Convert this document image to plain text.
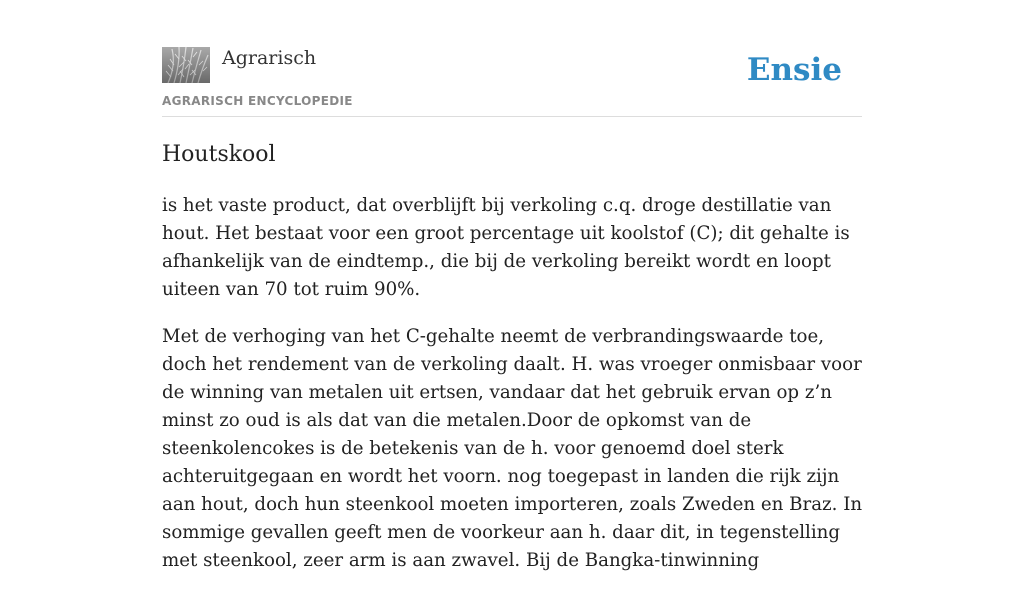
Agrarisch
AGRARISCH ENCYCLOPEDIE
Ensie
Houtskool

is het vaste product, dat overblijft bij verkoling c.q. droge destillatie van hout. Het bestaat voor een groot percentage uit koolstof (C); dit gehalte is afhankelijk van de eindtemp., die bij de verkoling bereikt wordt en loopt uiteen van 70 tot ruim 90%.

Met de verhoging van het C-gehalte neemt de verbrandingswaarde toe, doch het rendement van de verkoling daalt. H. was vroeger onmisbaar voor de winning van metalen uit ertsen, vandaar dat het gebruik ervan op z’n minst zo oud is als dat van die metalen.Door de opkomst van de steenkolencokes is de betekenis van de h. voor genoemd doel sterk achteruitgegaan en wordt het voorn. nog toegepast in landen die rijk zijn aan hout, doch hun steenkool moeten importeren, zoals Zweden en Braz. In sommige gevallen geeft men de voorkeur aan h. daar dit, in tegenstelling met steenkool, zeer arm is aan zwavel. Bij de Bangka-tinwinning
